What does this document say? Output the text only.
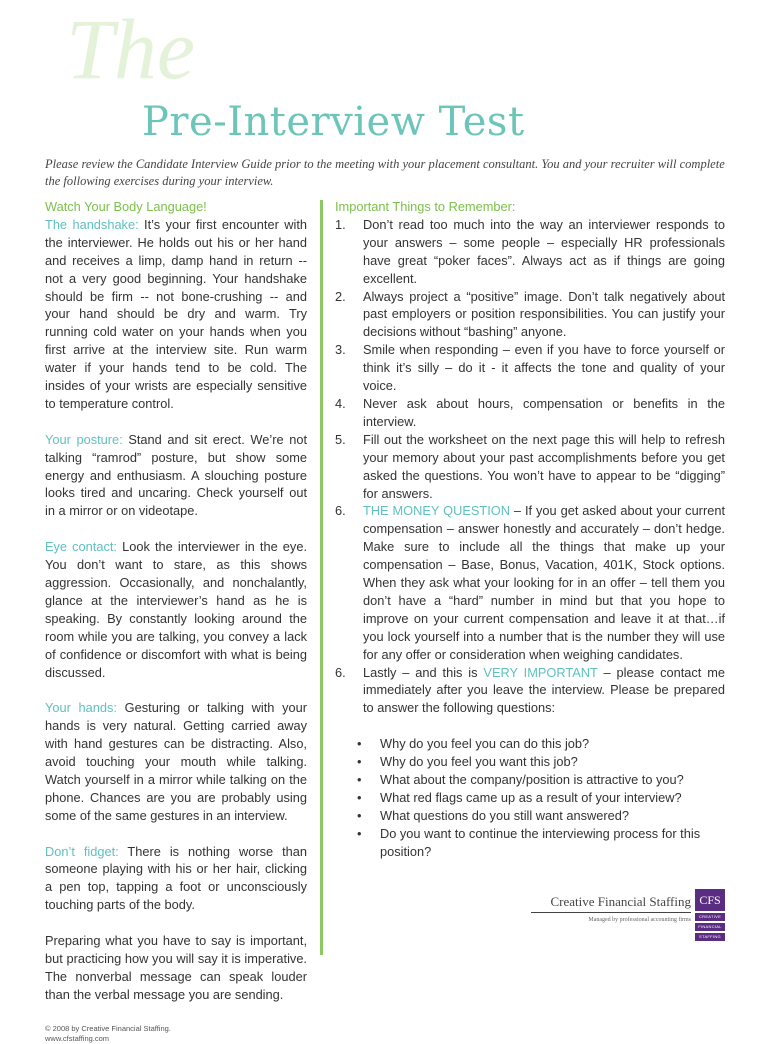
The
Pre-Interview Test
Please review the Candidate Interview Guide prior to the meeting with your placement consultant. You and your recruiter will complete the following exercises during your interview.
Watch Your Body Language!

The handshake: It’s your first encounter with the interviewer. He holds out his or her hand and receives a limp, damp hand in return -- not a very good beginning. Your handshake should be firm -- not bone-crushing -- and your hand should be dry and warm. Try running cold water on your hands when you first arrive at the interview site. Run warm water if your hands tend to be cold. The insides of your wrists are especially sensitive to temperature control.

Your posture: Stand and sit erect. We’re not talking “ramrod” posture, but show some energy and enthusiasm. A slouching posture looks tired and uncaring. Check yourself out in a mirror or on videotape.

Eye contact: Look the interviewer in the eye. You don’t want to stare, as this shows aggression. Occasionally, and nonchalantly, glance at the interviewer’s hand as he is speaking. By constantly looking around the room while you are talking, you convey a lack of confidence or discomfort with what is being discussed.

Your hands: Gesturing or talking with your hands is very natural. Getting carried away with hand gestures can be distracting. Also, avoid touching your mouth while talking. Watch yourself in a mirror while talking on the phone. Chances are you are probably using some of the same gestures in an interview.

Don’t fidget: There is nothing worse than someone playing with his or her hair, clicking a pen top, tapping a foot or unconsciously touching parts of the body.

Preparing what you have to say is important, but practicing how you will say it is imperative. The nonverbal message can speak louder than the verbal message you are sending.

© 2008 by Creative Financial Staffing.
www.cfstaffing.com
Important Things to Remember:
1. Don’t read too much into the way an interviewer responds to your answers – some people – especially HR professionals have great “poker faces”. Always act as if things are going excellent.
2. Always project a “positive” image. Don’t talk negatively about past employers or position responsibilities. You can justify your decisions without “bashing” anyone.
3. Smile when responding – even if you have to force yourself or think it’s silly – do it - it affects the tone and quality of your voice.
4. Never ask about hours, compensation or benefits in the interview.
5. Fill out the worksheet on the next page this will help to refresh your memory about your past accomplishments before you get asked the questions. You won’t have to appear to be “digging” for answers.
6. THE MONEY QUESTION – If you get asked about your current compensation – answer honestly and accurately – don’t hedge. Make sure to include all the things that make up your compensation – Base, Bonus, Vacation, 401K, Stock options. When they ask what your looking for in an offer – tell them you don’t have a “hard” number in mind but that you hope to improve on your current compensation and leave it at that…if you lock yourself into a number that is the number they will use for any offer or consideration when weighing candidates.
6. Lastly – and this is VERY IMPORTANT – please contact me immediately after you leave the interview. Please be prepared to answer the following questions:
• Why do you feel you can do this job?
• Why do you feel you want this job?
• What about the company/position is attractive to you?
• What red flags came up as a result of your interview?
• What questions do you still want answered?
• Do you want to continue the interviewing process for this position?
Creative Financial Staffing
Managed by professional accounting firms
CFS
CREATIVE
FINANCIAL
STAFFING
